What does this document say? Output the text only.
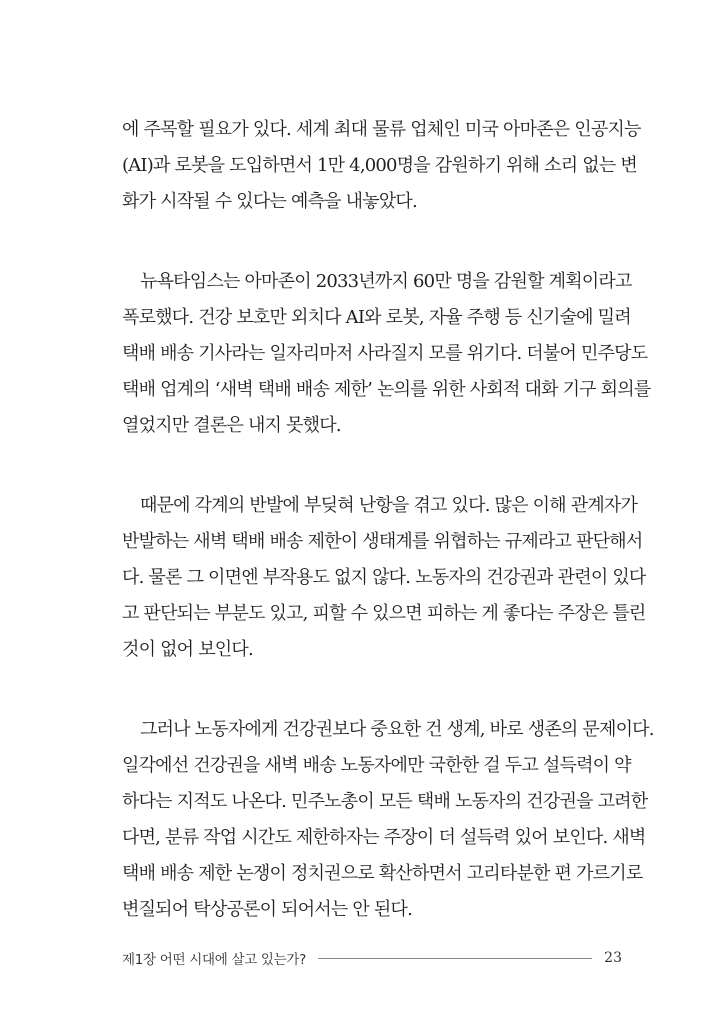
에 주목할 필요가 있다. 세계 최대 물류 업체인 미국 아마존은 인공지능
(AI)과 로봇을 도입하면서 1만 4,000명을 감원하기 위해 소리 없는 변
화가 시작될 수 있다는 예측을 내놓았다.
뉴욕타임스는 아마존이 2033년까지 60만 명을 감원할 계획이라고
폭로했다. 건강 보호만 외치다 AI와 로봇, 자율 주행 등 신기술에 밀려
택배 배송 기사라는 일자리마저 사라질지 모를 위기다. 더불어 민주당도
택배 업계의 ‘새벽 택배 배송 제한’ 논의를 위한 사회적 대화 기구 회의를
열었지만 결론은 내지 못했다.
때문에 각계의 반발에 부딪혀 난항을 겪고 있다. 많은 이해 관계자가
반발하는 새벽 택배 배송 제한이 생태계를 위협하는 규제라고 판단해서
다. 물론 그 이면엔 부작용도 없지 않다. 노동자의 건강권과 관련이 있다
고 판단되는 부분도 있고, 피할 수 있으면 피하는 게 좋다는 주장은 틀린
것이 없어 보인다.
그러나 노동자에게 건강권보다 중요한 건 생계, 바로 생존의 문제이다.
일각에선 건강권을 새벽 배송 노동자에만 국한한 걸 두고 설득력이 약
하다는 지적도 나온다. 민주노총이 모든 택배 노동자의 건강권을 고려한
다면, 분류 작업 시간도 제한하자는 주장이 더 설득력 있어 보인다. 새벽
택배 배송 제한 논쟁이 정치권으로 확산하면서 고리타분한 편 가르기로
변질되어 탁상공론이 되어서는 안 된다.
제1장 어떤 시대에 살고 있는가?	23
